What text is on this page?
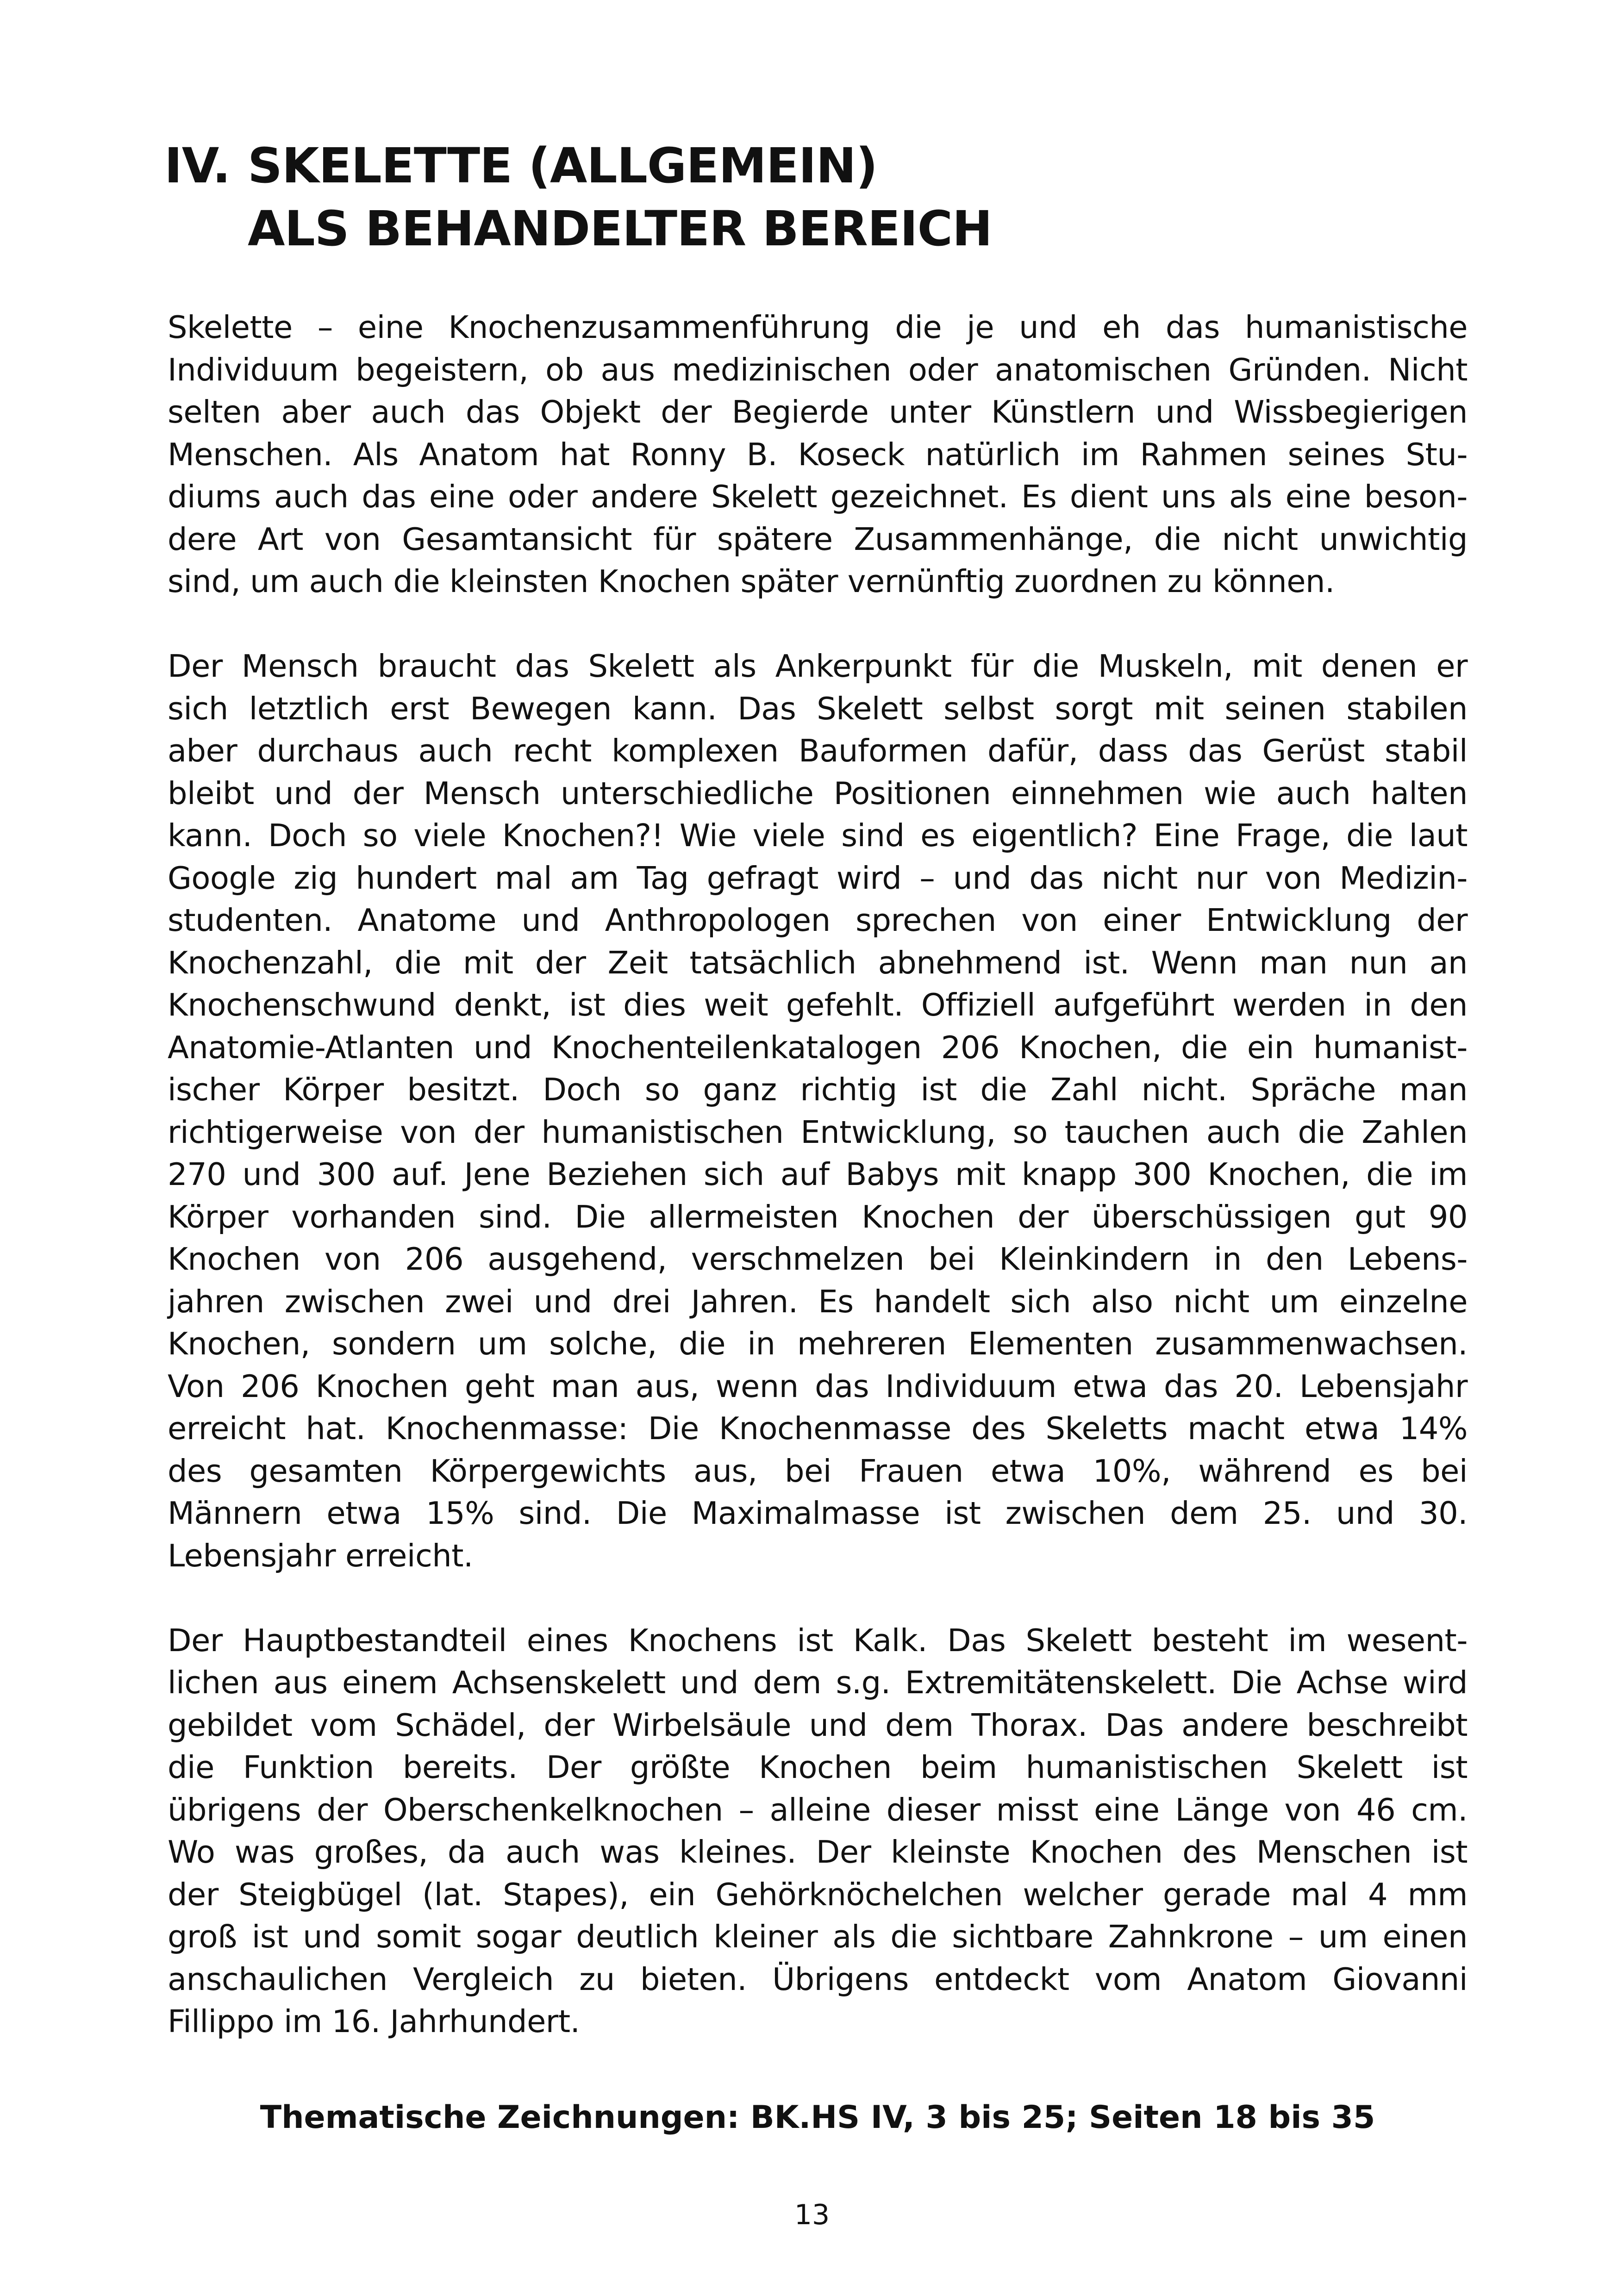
IV. SKELETTE (ALLGEMEIN)
ALS BEHANDELTER BEREICH

Skelette – eine Knochenzusammenführung die je und eh das humanistische
Individuum begeistern, ob aus medizinischen oder anatomischen Gründen. Nicht
selten aber auch das Objekt der Begierde unter Künstlern und Wissbegierigen
Menschen. Als Anatom hat Ronny B. Koseck natürlich im Rahmen seines Stu-
diums auch das eine oder andere Skelett gezeichnet. Es dient uns als eine beson-
dere Art von Gesamtansicht für spätere Zusammenhänge, die nicht unwichtig
sind, um auch die kleinsten Knochen später vernünftig zuordnen zu können.

Der Mensch braucht das Skelett als Ankerpunkt für die Muskeln, mit denen er
sich letztlich erst Bewegen kann. Das Skelett selbst sorgt mit seinen stabilen
aber durchaus auch recht komplexen Bauformen dafür, dass das Gerüst stabil
bleibt und der Mensch unterschiedliche Positionen einnehmen wie auch halten
kann. Doch so viele Knochen?! Wie viele sind es eigentlich? Eine Frage, die laut
Google zig hundert mal am Tag gefragt wird – und das nicht nur von Medizin-
studenten. Anatome und Anthropologen sprechen von einer Entwicklung der
Knochenzahl, die mit der Zeit tatsächlich abnehmend ist. Wenn man nun an
Knochenschwund denkt, ist dies weit gefehlt. Offiziell aufgeführt werden in den
Anatomie-Atlanten und Knochenteilenkatalogen 206 Knochen, die ein humanist-
ischer Körper besitzt. Doch so ganz richtig ist die Zahl nicht. Spräche man
richtigerweise von der humanistischen Entwicklung, so tauchen auch die Zahlen
270 und 300 auf. Jene Beziehen sich auf Babys mit knapp 300 Knochen, die im
Körper vorhanden sind. Die allermeisten Knochen der überschüssigen gut 90
Knochen von 206 ausgehend, verschmelzen bei Kleinkindern in den Lebens-
jahren zwischen zwei und drei Jahren. Es handelt sich also nicht um einzelne
Knochen, sondern um solche, die in mehreren Elementen zusammenwachsen.
Von 206 Knochen geht man aus, wenn das Individuum etwa das 20. Lebensjahr
erreicht hat. Knochenmasse: Die Knochenmasse des Skeletts macht etwa 14%
des gesamten Körpergewichts aus, bei Frauen etwa 10%, während es bei
Männern etwa 15% sind. Die Maximalmasse ist zwischen dem 25. und 30.
Lebensjahr erreicht.

Der Hauptbestandteil eines Knochens ist Kalk. Das Skelett besteht im wesent-
lichen aus einem Achsenskelett und dem s.g. Extremitätenskelett. Die Achse wird
gebildet vom Schädel, der Wirbelsäule und dem Thorax. Das andere beschreibt
die Funktion bereits. Der größte Knochen beim humanistischen Skelett ist
übrigens der Oberschenkelknochen – alleine dieser misst eine Länge von 46 cm.
Wo was großes, da auch was kleines. Der kleinste Knochen des Menschen ist
der Steigbügel (lat. Stapes), ein Gehörknöchelchen welcher gerade mal 4 mm
groß ist und somit sogar deutlich kleiner als die sichtbare Zahnkrone – um einen
anschaulichen Vergleich zu bieten. Übrigens entdeckt vom Anatom Giovanni
Fillippo im 16. Jahrhundert.

Thematische Zeichnungen: BK.HS IV, 3 bis 25; Seiten 18 bis 35
13
